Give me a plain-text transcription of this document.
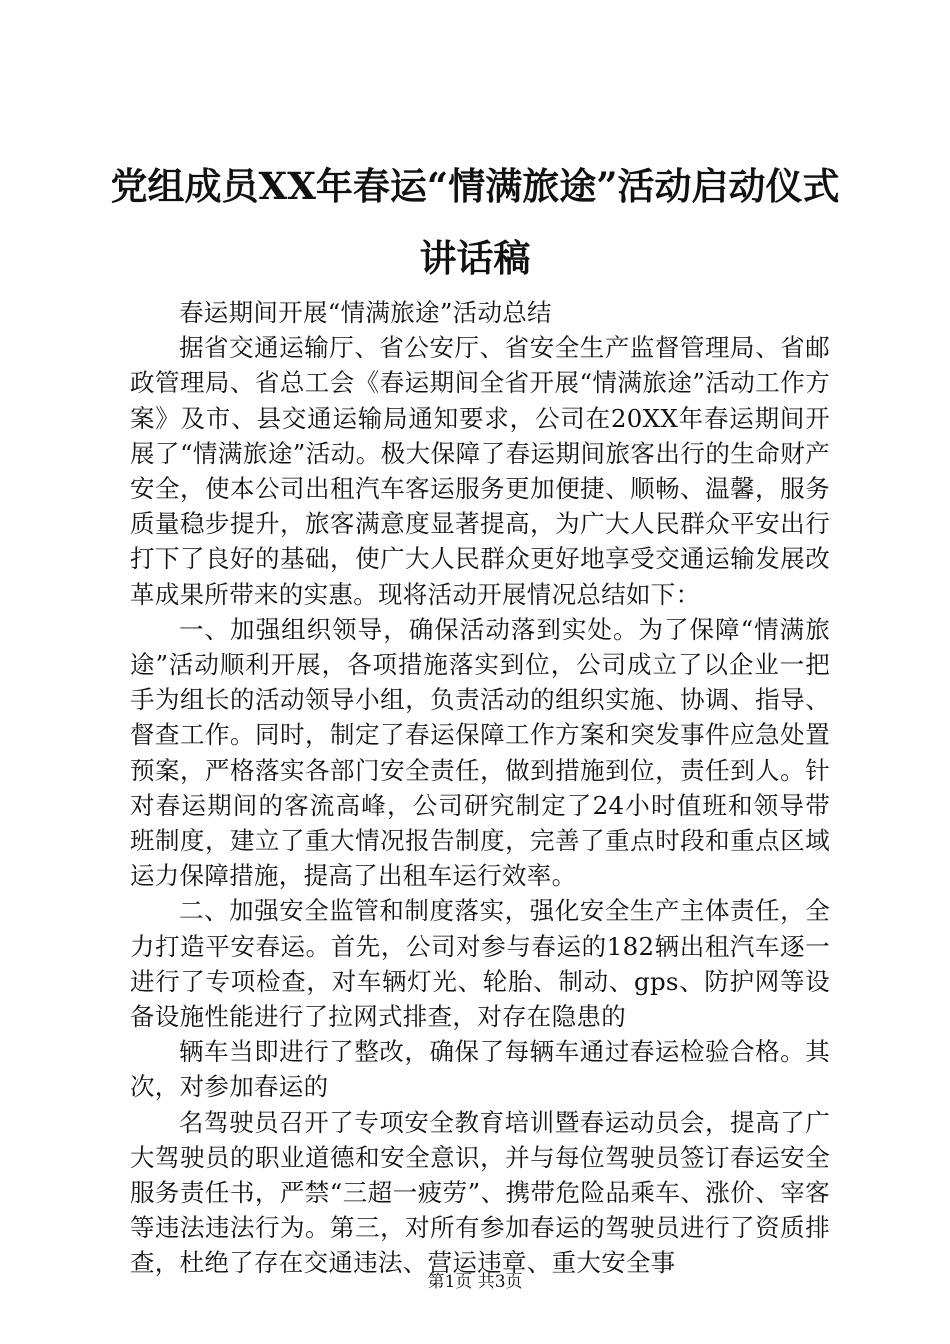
党组成员XX年春运“情满旅途”活动启动仪式讲话稿

春运期间开展“情满旅途”活动总结

据省交通运输厅、省公安厅、省安全生产监督管理局、省邮政管理局、省总工会《春运期间全省开展“情满旅途”活动工作方案》及市、县交通运输局通知要求，公司在20XX年春运期间开展了“情满旅途”活动。极大保障了春运期间旅客出行的生命财产安全，使本公司出租汽车客运服务更加便捷、顺畅、温馨，服务质量稳步提升，旅客满意度显著提高，为广大人民群众平安出行打下了良好的基础，使广大人民群众更好地享受交通运输发展改革成果所带来的实惠。现将活动开展情况总结如下：

一、加强组织领导，确保活动落到实处。为了保障“情满旅途”活动顺利开展，各项措施落实到位，公司成立了以企业一把手为组长的活动领导小组，负责活动的组织实施、协调、指导、督查工作。同时，制定了春运保障工作方案和突发事件应急处置预案，严格落实各部门安全责任，做到措施到位，责任到人。针对春运期间的客流高峰，公司研究制定了24小时值班和领导带班制度，建立了重大情况报告制度，完善了重点时段和重点区域运力保障措施，提高了出租车运行效率。

二、加强安全监管和制度落实，强化安全生产主体责任，全力打造平安春运。首先，公司对参与春运的182辆出租汽车逐一进行了专项检查，对车辆灯光、轮胎、制动、gps、防护网等设备设施性能进行了拉网式排查，对存在隐患的

辆车当即进行了整改，确保了每辆车通过春运检验合格。其次，对参加春运的

名驾驶员召开了专项安全教育培训暨春运动员会，提高了广大驾驶员的职业道德和安全意识，并与每位驾驶员签订春运安全服务责任书，严禁“三超一疲劳”、携带危险品乘车、涨价、宰客等违法违法行为。第三，对所有参加春运的驾驶员进行了资质排查，杜绝了存在交通违法、营运违章、重大安全事

第1页 共3页
